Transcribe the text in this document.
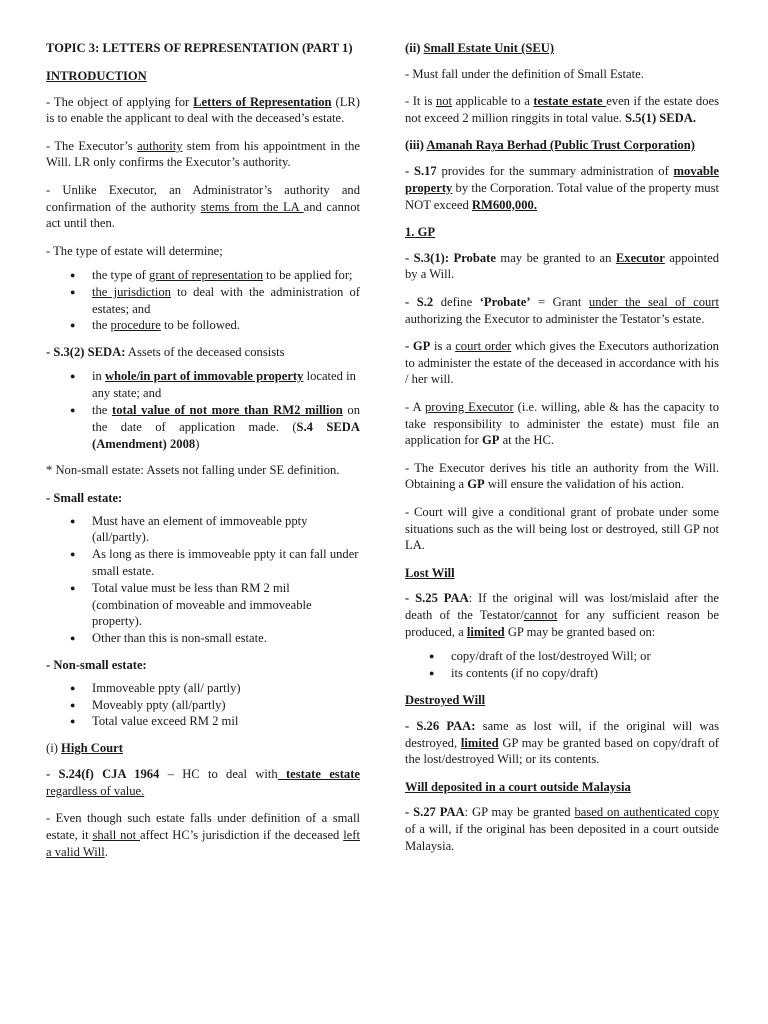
TOPIC 3: LETTERS OF REPRESENTATION (PART 1)

INTRODUCTION

- The object of applying for Letters of Representation (LR) is to enable the applicant to deal with the deceased’s estate.

- The Executor’s authority stem from his appointment in the Will. LR only confirms the Executor’s authority.

- Unlike Executor, an Administrator’s authority and confirmation of the authority stems from the LA and cannot act until then.

- The type of estate will determine;

● the type of grant of representation to be applied for;
● the jurisdiction to deal with the administration of estates; and
● the procedure to be followed.

- S.3(2) SEDA: Assets of the deceased consists

● in whole/in part of immovable property located in any state; and
● the total value of not more than RM2 million on the date of application made. (S.4 SEDA (Amendment) 2008)

* Non-small estate: Assets not falling under SE definition.

- Small estate:

● Must have an element of immoveable ppty (all/partly).
● As long as there is immoveable ppty it can fall under small estate.
● Total value must be less than RM 2 mil (combination of moveable and immoveable property).
● Other than this is non-small estate.

- Non-small estate:

● Immoveable ppty (all/ partly)
● Moveably ppty (all/partly)
● Total value exceed RM 2 mil

(i) High Court

- S.24(f) CJA 1964 – HC to deal with testate estate regardless of value.

- Even though such estate falls under definition of a small estate, it shall not affect HC’s jurisdiction if the deceased left a valid Will.

(ii) Small Estate Unit (SEU)

- Must fall under the definition of Small Estate.

- It is not applicable to a testate estate even if the estate does not exceed 2 million ringgits in total value. S.5(1) SEDA.

(iii) Amanah Raya Berhad (Public Trust Corporation)

- S.17 provides for the summary administration of movable property by the Corporation. Total value of the property must NOT exceed RM600,000.

1. GP

- S.3(1): Probate may be granted to an Executor appointed by a Will.

- S.2 define ‘Probate’ = Grant under the seal of court authorizing the Executor to administer the Testator’s estate.

- GP is a court order which gives the Executors authorization to administer the estate of the deceased in accordance with his / her will.

- A proving Executor (i.e. willing, able & has the capacity to take responsibility to administer the estate) must file an application for GP at the HC.

- The Executor derives his title an authority from the Will. Obtaining a GP will ensure the validation of his action.

- Court will give a conditional grant of probate under some situations such as the will being lost or destroyed, still GP not LA.

Lost Will

- S.25 PAA: If the original will was lost/mislaid after the death of the Testator/cannot for any sufficient reason be produced, a limited GP may be granted based on:

● copy/draft of the lost/destroyed Will; or
● its contents (if no copy/draft)

Destroyed Will

- S.26 PAA: same as lost will, if the original will was destroyed, limited GP may be granted based on copy/draft of the lost/destroyed Will; or its contents.

Will deposited in a court outside Malaysia

- S.27 PAA: GP may be granted based on authenticated copy of a will, if the original has been deposited in a court outside Malaysia.
